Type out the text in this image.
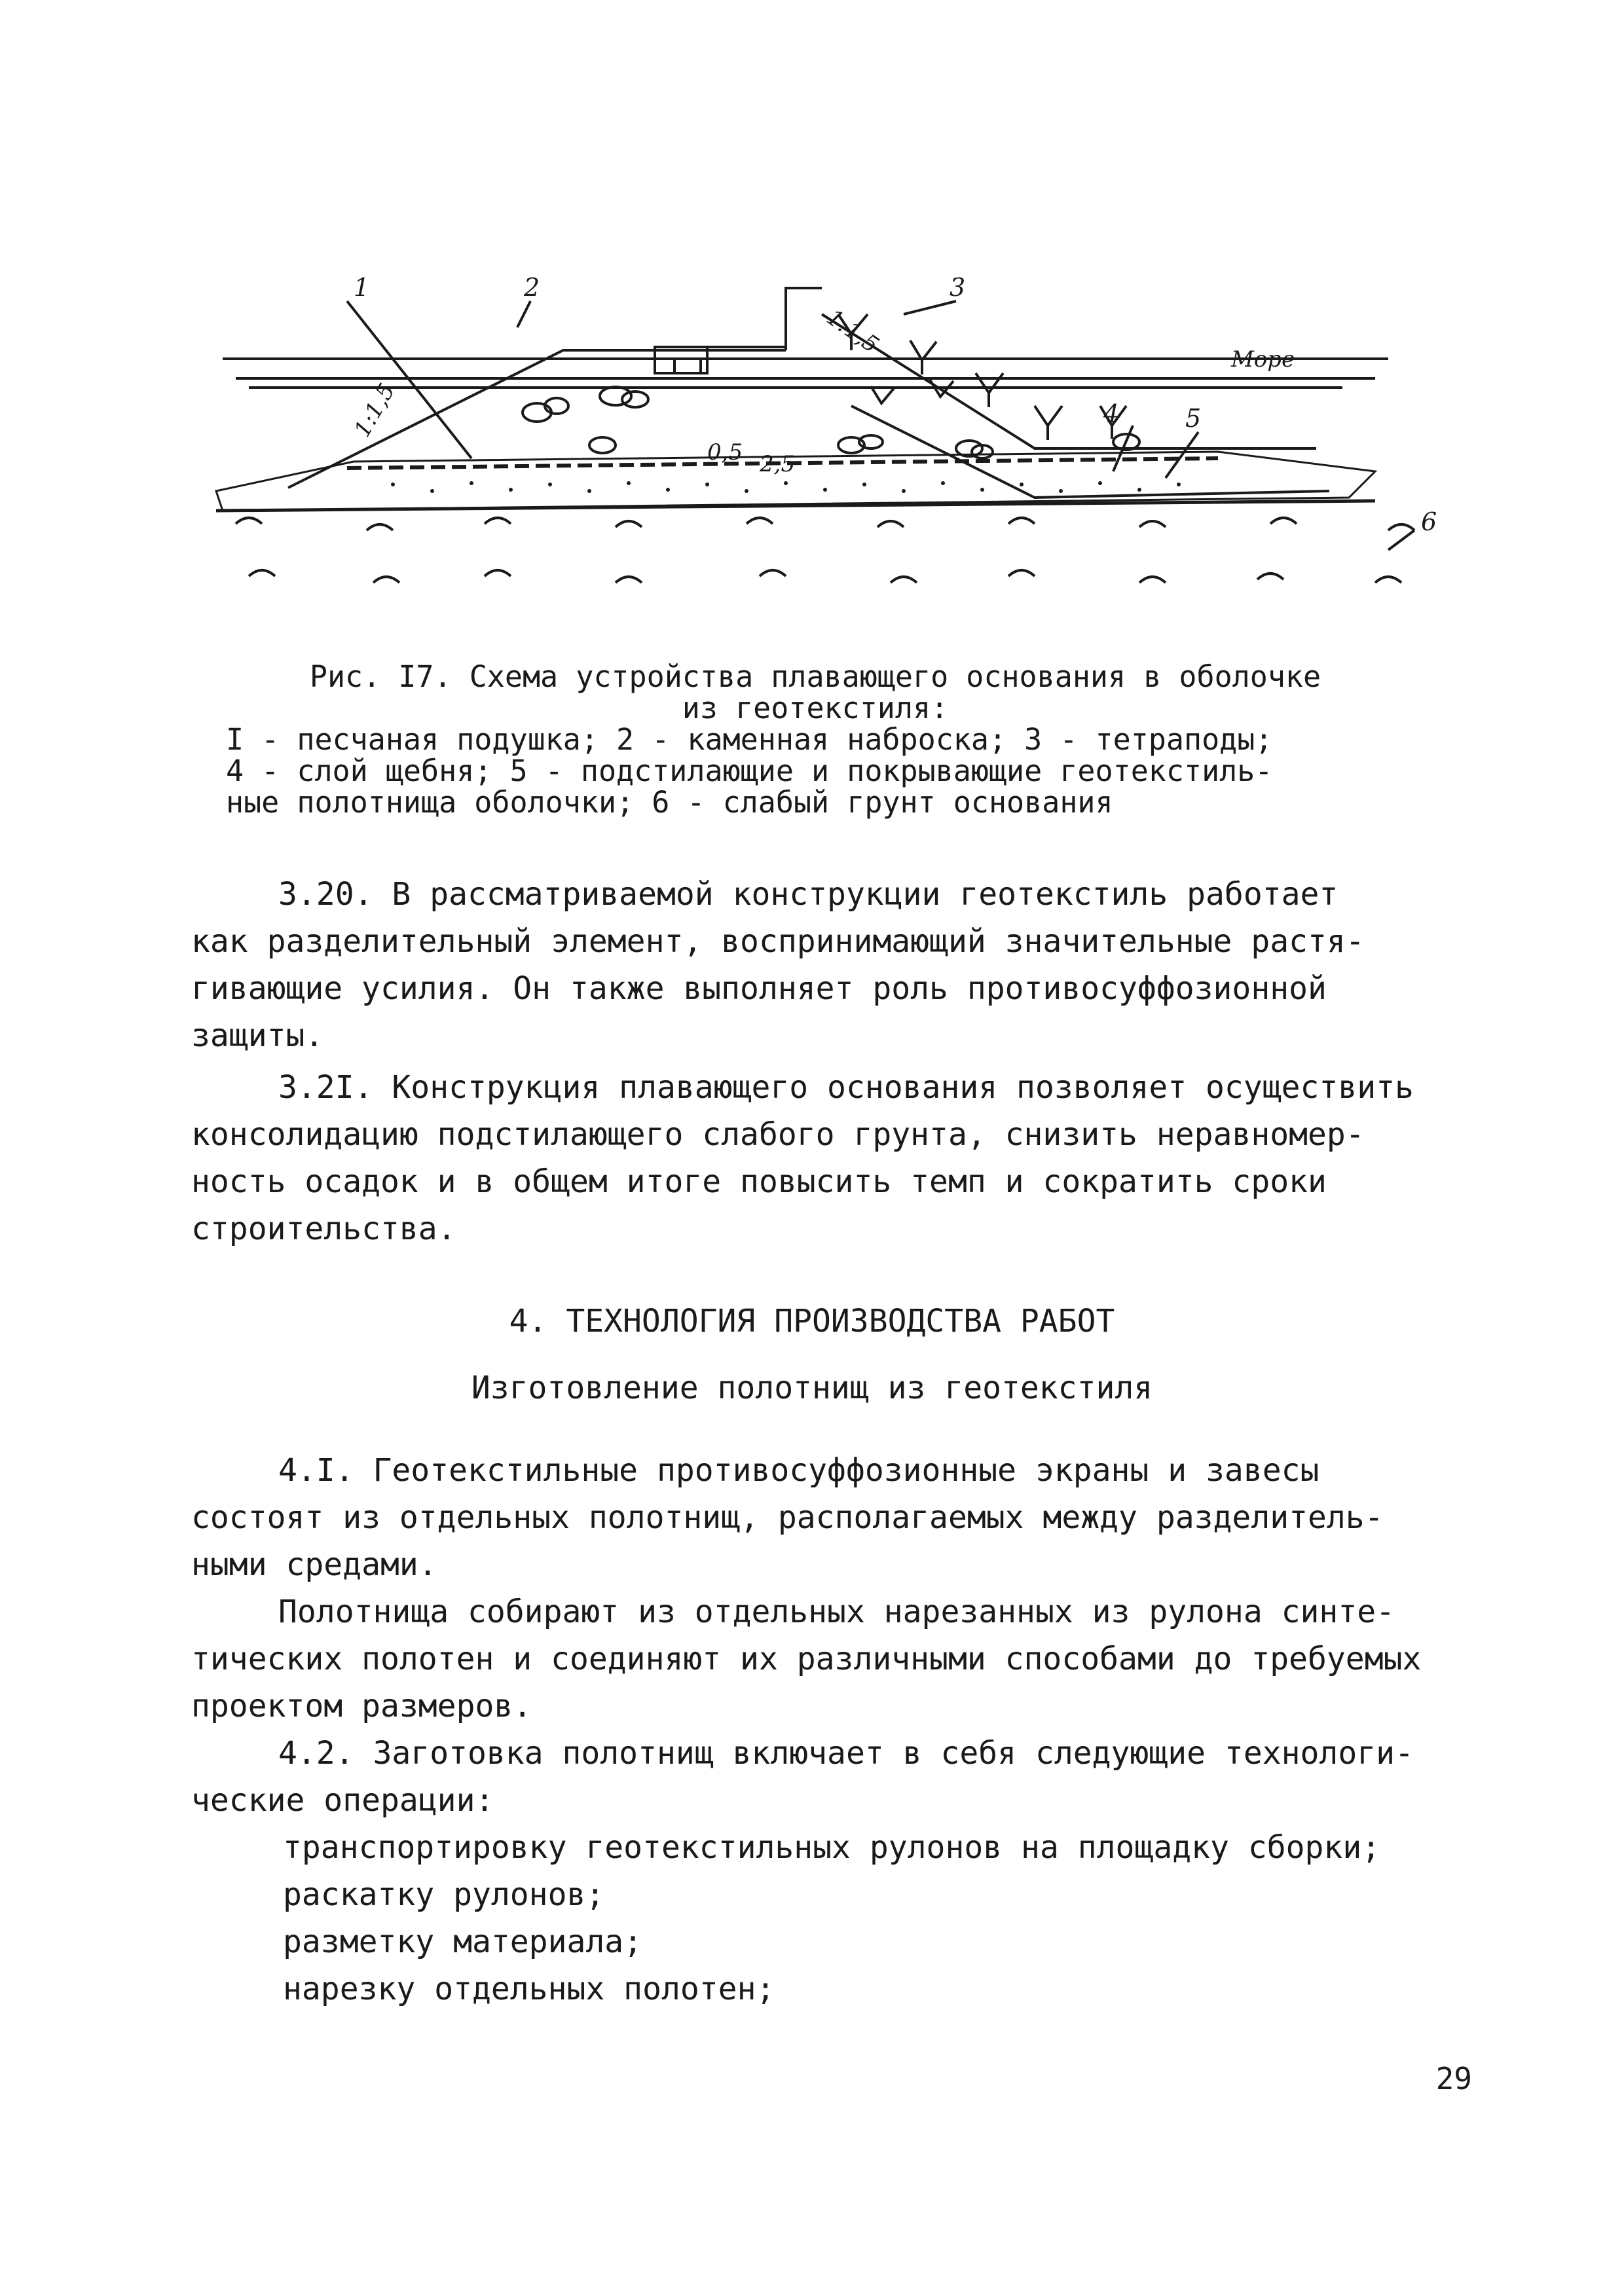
1	2	3
4	5
6
Море
1:1,5
1:1,5
0,5 2,5
Рис. I7. Схема устройства плавающего основания в оболочке
из геотекстиля:
I - песчаная подушка; 2 - каменная наброска; 3 - тетраподы;
4 - слой щебня; 5 - подстилающие и покрывающие геотекстиль-
ные полотнища оболочки; 6 - слабый грунт основания

3.20. В рассматриваемой конструкции геотекстиль работает

как разделительный элемент, воспринимающий значительные растя-

гивающие усилия. Он также выполняет роль противосуффозионной

защиты.

3.2I. Конструкция плавающего основания позволяет осуществить

консолидацию подстилающего слабого грунта, снизить неравномер-

ность осадок и в общем итоге повысить темп и сократить сроки

строительства.

4. ТЕХНОЛОГИЯ ПРОИЗВОДСТВА РАБОТ
Изготовление полотнищ из геотекстиля

4.I. Геотекстильные противосуффозионные экраны и завесы

состоят из отдельных полотнищ, располагаемых между разделитель-

ными средами.

Полотнища собирают из отдельных нарезанных из рулона синте-

тических полотен и соединяют их различными способами до требуемых

проектом размеров.

4.2. Заготовка полотнищ включает в себя следующие технологи-

ческие операции:

транспортировку геотекстильных рулонов на площадку сборки;

раскатку рулонов;

разметку материала;

нарезку отдельных полотен;

29
